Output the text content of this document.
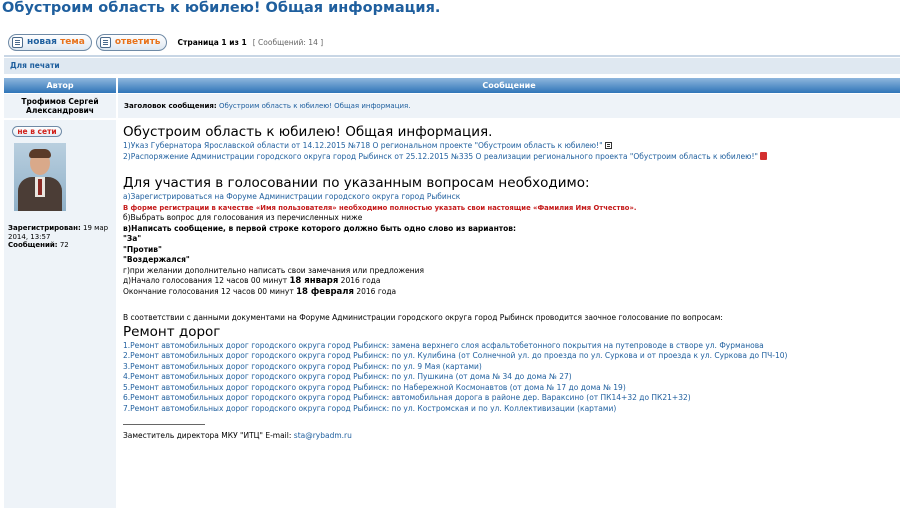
Обустроим область к юбилею! Общая информация.
новая
тема	ответить Страница 1 из 1 [ Сообщений: 14 ]
Для печати
Автор	Сообщение
Трофимов Сергей Александрович	Заголовок сообщения: Обустроим область к юбилею! Общая информация.
не в сети
Зарегистрирован: 19 мар 2014, 13:57
Сообщений: 72
Обустроим область к юбилею! Общая информация.
1)Указ Губернатора Ярославской области от 14.12.2015 №718 О региональном проекте "Обустроим область к юбилею!"
2)Распоряжение Администрации городского округа город Рыбинск от 25.12.2015 №335 О реализации регионального проекта "Обустроим область к юбилею!"
Для участия в голосовании по указанным вопросам необходимо:
а)Зарегистрироваться на Форуме Администрации городского округа город Рыбинск
В форме регистрации в качестве «Имя пользователя» необходимо полностью указать свои настоящие «Фамилия Имя Отчество».
б)Выбрать вопрос для голосования из перечисленных ниже
в)Написать сообщение, в первой строке которого должно быть одно слово из вариантов:
"За"
"Против"
"Воздержался"
г)при желании дополнительно написать свои замечания или предложения
д)Начало голосования 12 часов 00 минут 18 января 2016 года
Окончание голосования 12 часов 00 минут 18 февраля 2016 года
В соответствии с данными документами на Форуме Администрации городского округа город Рыбинск проводится заочное голосование по вопросам:
Ремонт дорог
1.Ремонт автомобильных дорог городского округа город Рыбинск: замена верхнего слоя асфальтобетонного покрытия на путепроводе в створе ул. Фурманова
2.Ремонт автомобильных дорог городского округа город Рыбинск: по ул. Кулибина (от Солнечной ул. до проезда по ул. Суркова и от проезда к ул. Суркова до ПЧ-10)
3.Ремонт автомобильных дорог городского округа город Рыбинск: по ул. 9 Мая (картами)
4.Ремонт автомобильных дорог городского округа город Рыбинск: по ул. Пушкина (от дома № 34 до дома № 27)
5.Ремонт автомобильных дорог городского округа город Рыбинск: по Набережной Космонавтов (от дома № 17 до дома № 19)
6.Ремонт автомобильных дорог городского округа город Рыбинск: автомобильная дорога в районе дер. Вараксино (от ПК14+32 до ПК21+32)
7.Ремонт автомобильных дорог городского округа город Рыбинск: по ул. Костромская и по ул. Коллективизации (картами)
Заместитель директора МКУ "ИТЦ" E-mail: sta@rybadm.ru
